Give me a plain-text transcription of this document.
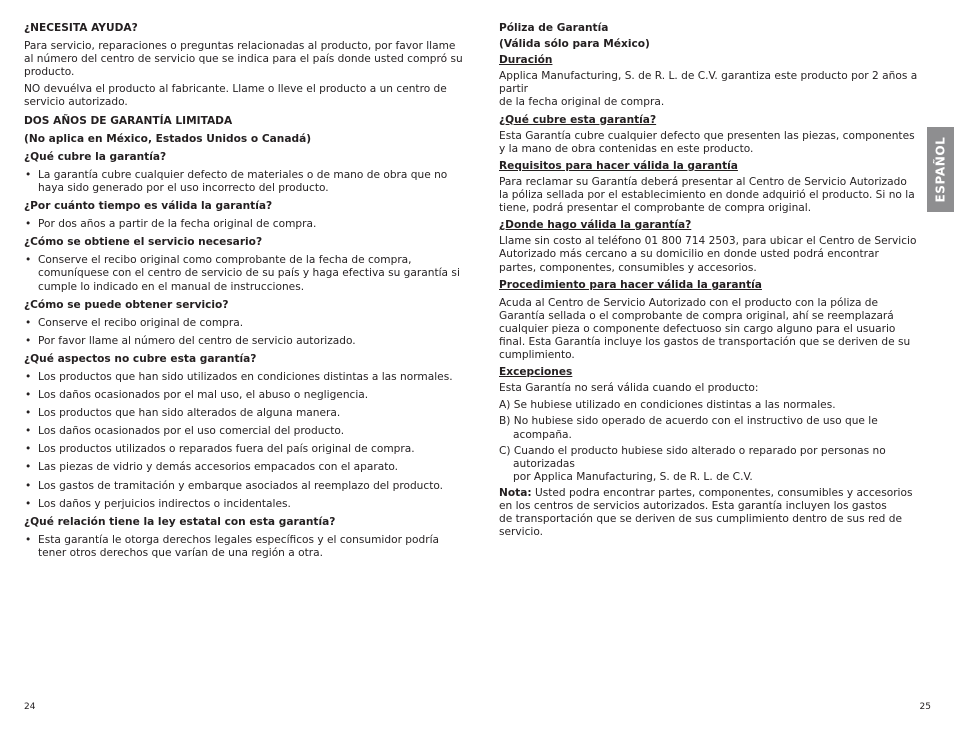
¿NECESITA AYUDA?

Para servicio, reparaciones o preguntas relacionadas al producto, por favor llame al número del centro de servicio que se indica para el país donde usted compró su producto.

NO devuélva el producto al fabricante. Llame o lleve el producto a un centro de servicio autorizado.

DOS AÑOS DE GARANTÍA LIMITADA

(No aplica en México, Estados Unidos o Canadá)

¿Qué cubre la garantía?

• La garantía cubre cualquier defecto de materiales o de mano de obra que no haya sido generado por el uso incorrecto del producto.

¿Por cuánto tiempo es válida la garantía?

• Por dos años a partir de la fecha original de compra.

¿Cómo se obtiene el servicio necesario?

• Conserve el recibo original como comprobante de la fecha de compra, comuníquese con el centro de servicio de su país y haga efectiva su garantía si cumple lo indicado en el manual de instrucciones.

¿Cómo se puede obtener servicio?

• Conserve el recibo original de compra.
• Por favor llame al número del centro de servicio autorizado.

¿Qué aspectos no cubre esta garantía?

• Los productos que han sido utilizados en condiciones distintas a las normales.
• Los daños ocasionados por el mal uso, el abuso o negligencia.
• Los productos que han sido alterados de alguna manera.
• Los daños ocasionados por el uso comercial del producto.
• Los productos utilizados o reparados fuera del país original de compra.
• Las piezas de vidrio y demás accesorios empacados con el aparato.
• Los gastos de tramitación y embarque asociados al reemplazo del producto.
• Los daños y perjuicios indirectos o incidentales.

¿Qué relación tiene la ley estatal con esta garantía?

• Esta garantía le otorga derechos legales específicos y el consumidor podría tener otros derechos que varían de una región a otra.

Póliza de Garantía

(Válida sólo para México)

Duración

Applica Manufacturing, S. de R. L. de C.V. garantiza este producto por 2 años a partir
de la fecha original de compra.

¿Qué cubre esta garantía?

Esta Garantía cubre cualquier defecto que presenten las piezas, componentes y la mano de obra contenidas en este producto.

Requisitos para hacer válida la garantía

Para reclamar su Garantía deberá presentar al Centro de Servicio Autorizado la póliza sellada por el establecimiento en donde adquirió el producto. Si no la tiene, podrá presentar el comprobante de compra original.

¿Donde hago válida la garantía?

Llame sin costo al teléfono 01 800 714 2503, para ubicar el Centro de Servicio Autorizado más cercano a su domicilio en donde usted podrá encontrar partes, componentes, consumibles y accesorios.

Procedimiento para hacer válida la garantía

Acuda al Centro de Servicio Autorizado con el producto con la póliza de Garantía sellada o el comprobante de compra original, ahí se reemplazará cualquier pieza o componente defectuoso sin cargo alguno para el usuario final. Esta Garantía incluye los gastos de transportación que se deriven de su cumplimiento.

Excepciones

Esta Garantía no será válida cuando el producto:

A) Se hubiese utilizado en condiciones distintas a las normales.

B) No hubiese sido operado de acuerdo con el instructivo de uso que le acompaña.

C) Cuando el producto hubiese sido alterado o reparado por personas no autorizadas
por Applica Manufacturing, S. de R. L. de C.V.

Nota: Usted podra encontrar partes, componentes, consumibles y accesorios en los centros de servicios autorizados. Esta garantía incluyen los gastos
de transportación que se deriven de sus cumplimiento dentro de sus red de servicio.

ESPAÑOL
24	25
